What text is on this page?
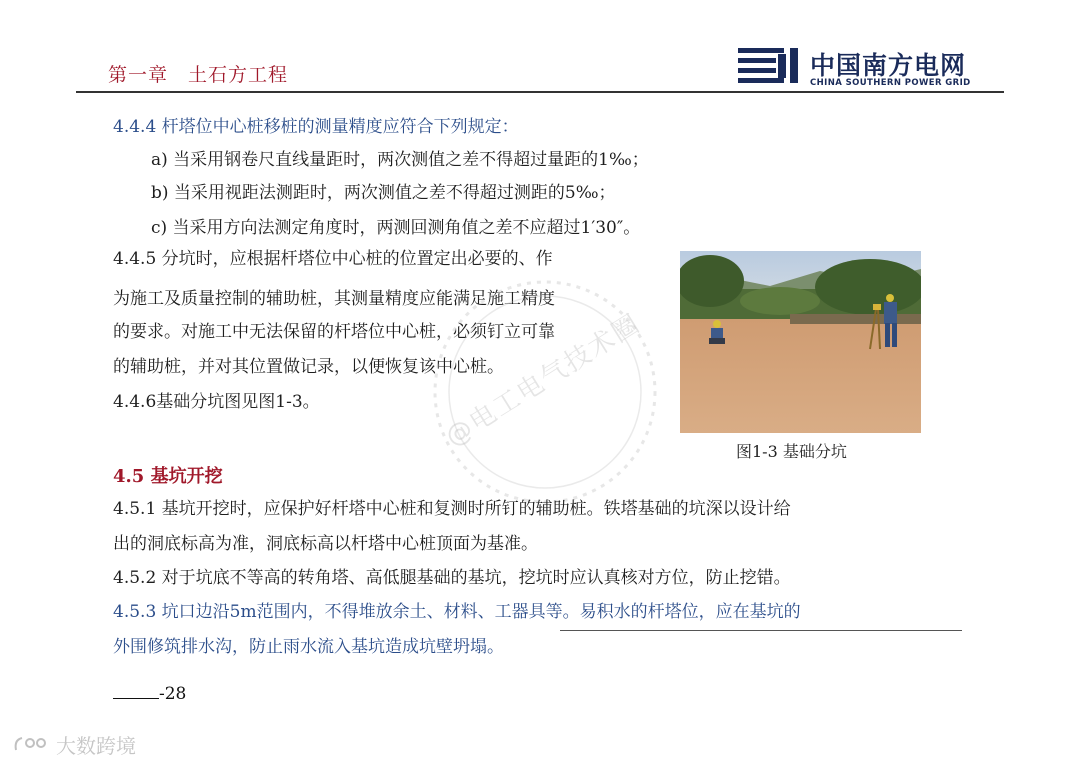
第一章　土石方工程	中国南方电网
CHINA SOUTHERN POWER GRID
4.4.4 杆塔位中心桩移桩的测量精度应符合下列规定：
a) 当采用钢卷尺直线量距时，两次测值之差不得超过量距的1‰；
b) 当采用视距法测距时，两次测值之差不得超过测距的5‰；
c) 当采用方向法测定角度时，两测回测角值之差不应超过1′30″。
4.4.5 分坑时，应根据杆塔位中心桩的位置定出必要的、作
为施工及质量控制的辅助桩，其测量精度应能满足施工精度
的要求。对施工中无法保留的杆塔位中心桩，必须钉立可靠
的辅助桩，并对其位置做记录，以便恢复该中心桩。
4.4.6基础分坑图见图1-3。
图1-3 基础分坑
@电工电气技术圈
4.5 基坑开挖
4.5.1 基坑开挖时，应保护好杆塔中心桩和复测时所钉的辅助桩。铁塔基础的坑深以设计给
出的洞底标高为准，洞底标高以杆塔中心桩顶面为基准。
4.5.2 对于坑底不等高的转角塔、高低腿基础的基坑，挖坑时应认真核对方位，防止挖错。
4.5.3 坑口边沿5m范围内，不得堆放余土、材料、工器具等。易积水的杆塔位，应在基坑的
外围修筑排水沟，防止雨水流入基坑造成坑壁坍塌。
-28
大数跨境
